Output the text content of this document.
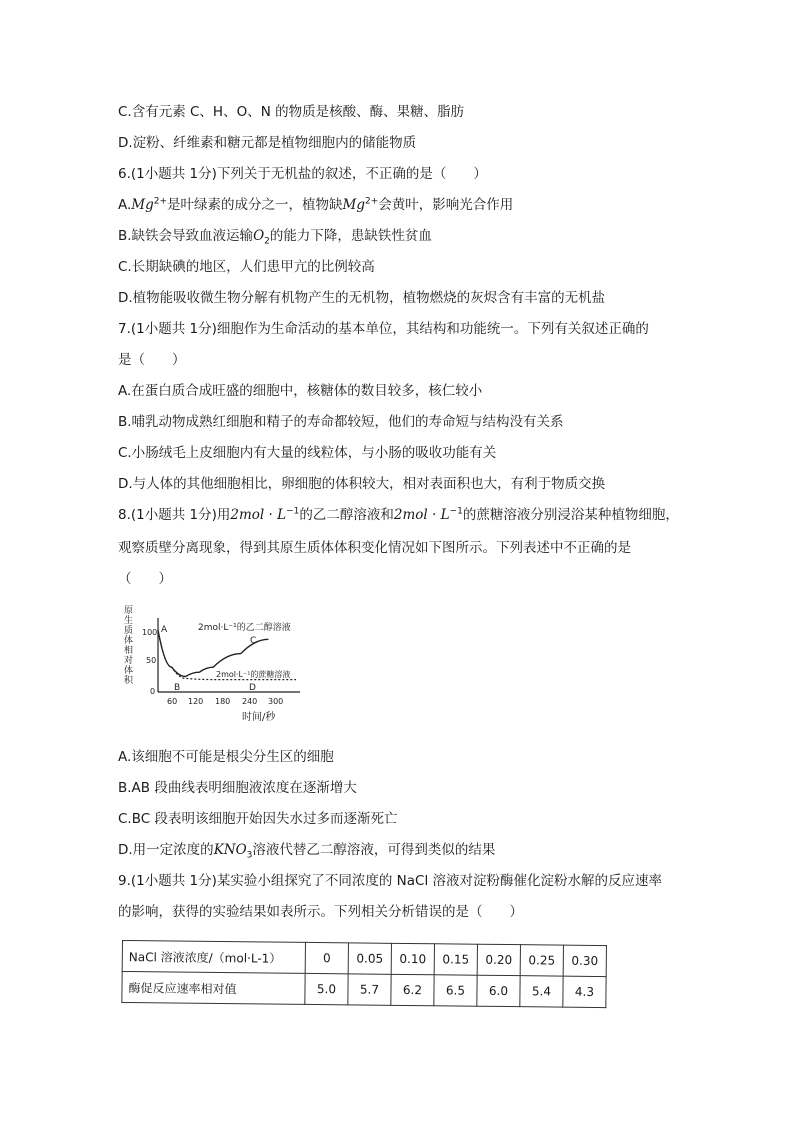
C.含有元素 C、H、O、N 的物质是核酸、酶、果糖、脂肪
D.淀粉、纤维素和糖元都是植物细胞内的储能物质
6.(1小题共 1分)下列关于无机盐的叙述，不正确的是（　　）
$A.Mg^{2+}$是叶绿素的成分之一，植物缺$Mg^{2+}$会黄叶，影响光合作用
B.缺铁会导致血液运输$O_2$的能力下降，患缺铁性贫血
C.长期缺碘的地区，人们患甲亢的比例较高
D.植物能吸收微生物分解有机物产生的无机物，植物燃烧的灰烬含有丰富的无机盐
7.(1小题共 1分)细胞作为生命活动的基本单位，其结构和功能统一。下列有关叙述正确的
是（　　）
A.在蛋白质合成旺盛的细胞中，核糖体的数目较多，核仁较小
B.哺乳动物成熟红细胞和精子的寿命都较短，他们的寿命短与结构没有关系
C.小肠绒毛上皮细胞内有大量的线粒体，与小肠的吸收功能有关
D.与人体的其他细胞相比，卵细胞的体积较大，相对表面积也大，有利于物质交换
8.(1小题共 1分)用$2mol \cdot L^{-1}$的乙二醇溶液和$2mol \cdot L^{-1}$的蔗糖溶液分别浸浴某种植物细胞，
观察质壁分离现象，得到其原生质体体积变化情况如下图所示。下列表述中不正确的是
（　　）
原
生
质
体
相
对
体
积
100
50
0
60 120 180 240 300
时间/秒
2mol·L⁻¹的乙二醇溶液
2mol·L⁻¹的蔗糖溶液
A
B
C
D
A.该细胞不可能是根尖分生区的细胞
B.AB 段曲线表明细胞液浓度在逐渐增大
C.BC 段表明该细胞开始因失水过多而逐渐死亡
D.用一定浓度的$KNO_3$溶液代替乙二醇溶液，可得到类似的结果
9.(1小题共 1分)某实验小组探究了不同浓度的 NaCl 溶液对淀粉酶催化淀粉水解的反应速率
的影响，获得的实验结果如表所示。下列相关分析错误的是（　　）
NaCl 溶液浓度/（mol·L-1）	0	0.05	0.10	0.15	0.20	0.25	0.30
酶促反应速率相对值	5.0	5.7	6.2	6.5	6.0	5.4	4.3
